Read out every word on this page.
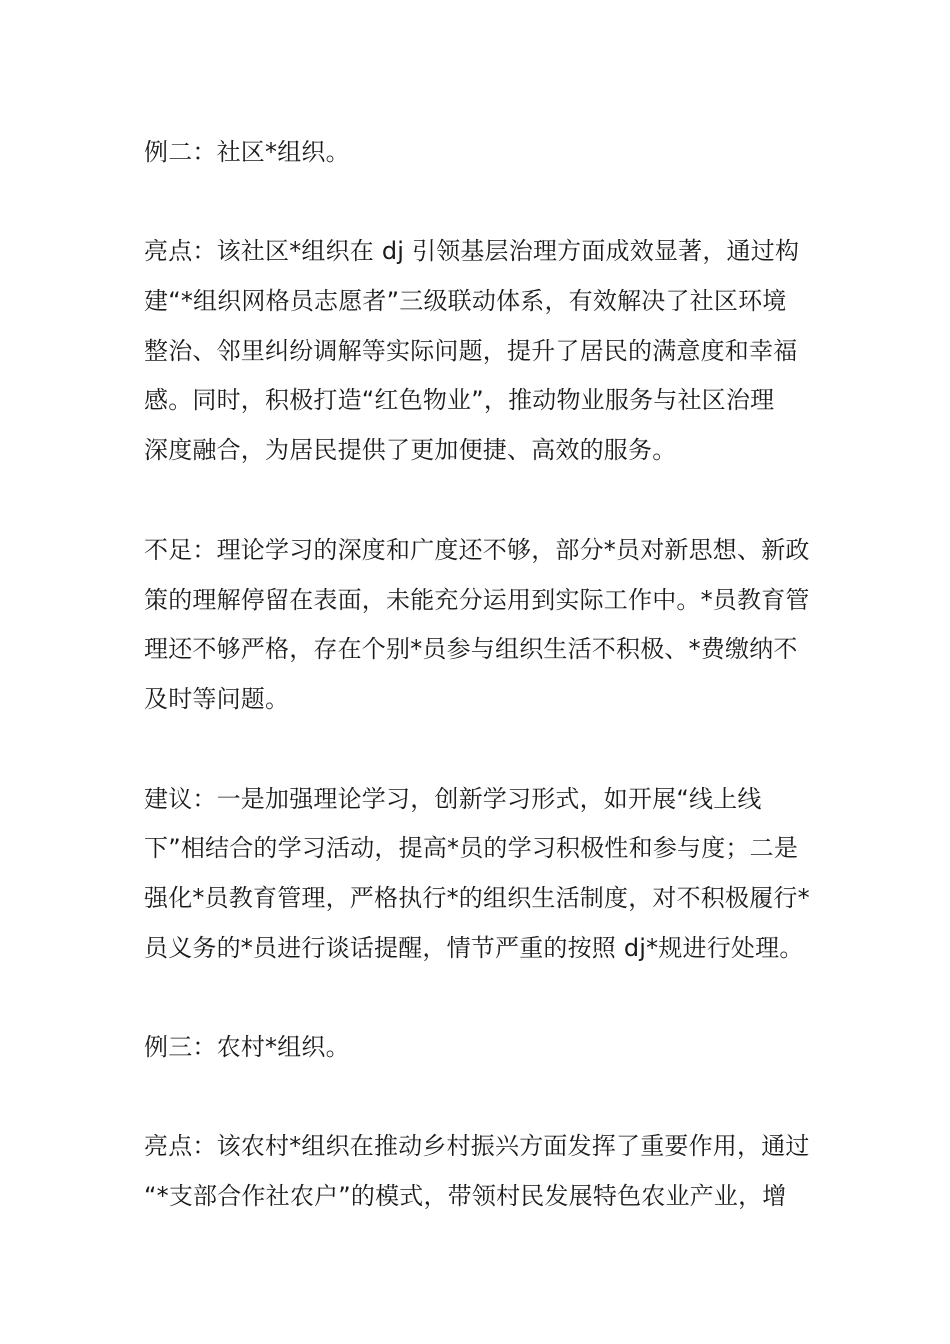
例二：社区*组织。
亮点：该社区*组织在 dj 引领基层治理方面成效显著，通过构
建“*组织网格员志愿者”三级联动体系，有效解决了社区环境
整治、邻里纠纷调解等实际问题，提升了居民的满意度和幸福
感。同时，积极打造“红色物业”，推动物业服务与社区治理
深度融合，为居民提供了更加便捷、高效的服务。
不足：理论学习的深度和广度还不够，部分*员对新思想、新政
策的理解停留在表面，未能充分运用到实际工作中。*员教育管
理还不够严格，存在个别*员参与组织生活不积极、*费缴纳不
及时等问题。
建议：一是加强理论学习，创新学习形式，如开展“线上线
下”相结合的学习活动，提高*员的学习积极性和参与度；二是
强化*员教育管理，严格执行*的组织生活制度，对不积极履行*
员义务的*员进行谈话提醒，情节严重的按照 dj*规进行处理。
例三：农村*组织。
亮点：该农村*组织在推动乡村振兴方面发挥了重要作用，通过
“*支部合作社农户”的模式，带领村民发展特色农业产业，增
